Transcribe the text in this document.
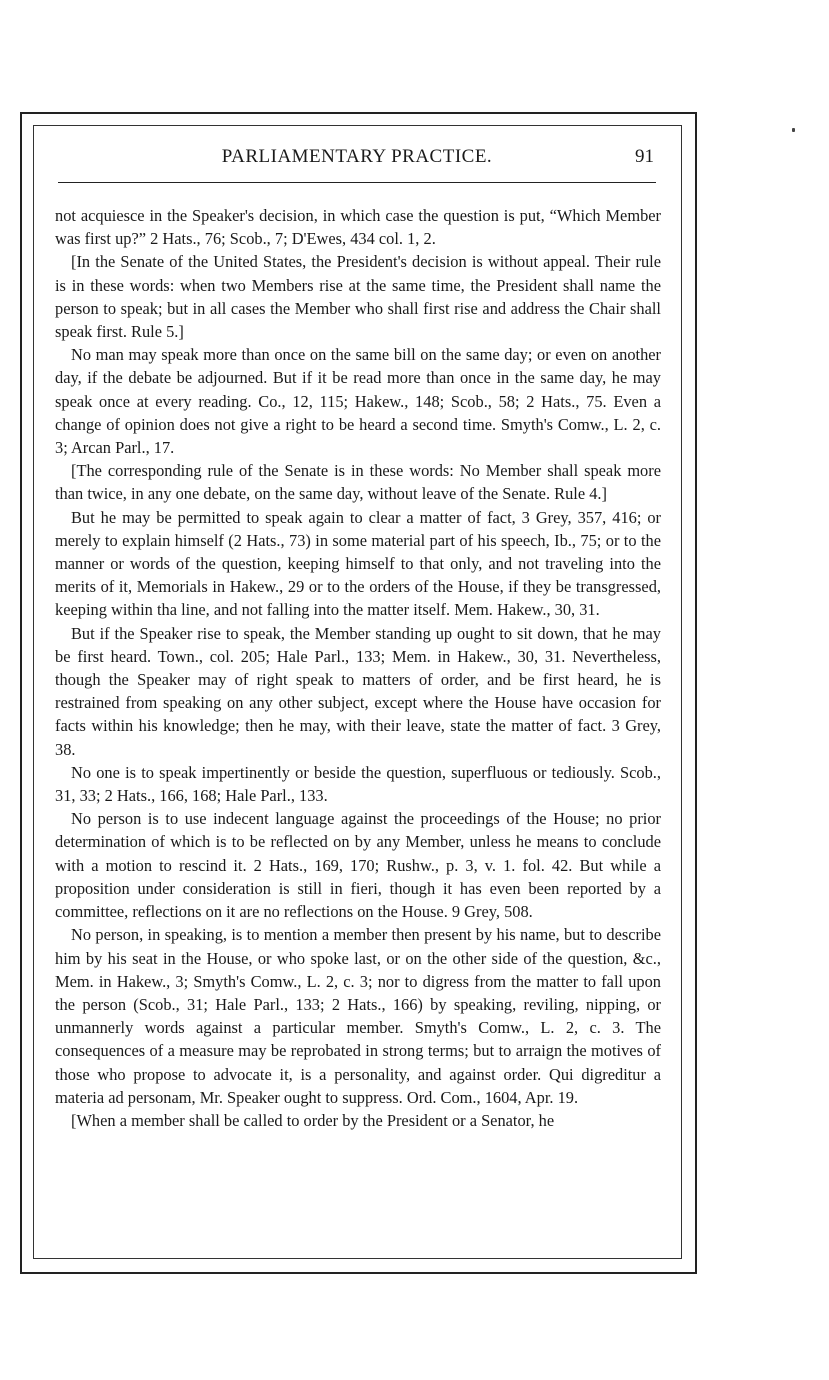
PARLIAMENTARY PRACTICE.	91

not acquiesce in the Speaker's decision, in which case the question is put, “Which Member was first up?” 2 Hats., 76; Scob., 7; D'Ewes, 434 col. 1, 2.

[In the Senate of the United States, the President's decision is without appeal. Their rule is in these words: when two Members rise at the same time, the President shall name the person to speak; but in all cases the Member who shall first rise and address the Chair shall speak first. Rule 5.]

No man may speak more than once on the same bill on the same day; or even on another day, if the debate be adjourned. But if it be read more than once in the same day, he may speak once at every reading. Co., 12, 115; Hakew., 148; Scob., 58; 2 Hats., 75. Even a change of opinion does not give a right to be heard a second time. Smyth's Comw., L. 2, c. 3; Arcan Parl., 17.

[The corresponding rule of the Senate is in these words: No Member shall speak more than twice, in any one debate, on the same day, without leave of the Senate. Rule 4.]

But he may be permitted to speak again to clear a matter of fact, 3 Grey, 357, 416; or merely to explain himself (2 Hats., 73) in some material part of his speech, Ib., 75; or to the manner or words of the question, keeping himself to that only, and not traveling into the merits of it, Memorials in Hakew., 29 or to the orders of the House, if they be transgressed, keeping within tha line, and not falling into the matter itself. Mem. Hakew., 30, 31.

But if the Speaker rise to speak, the Member standing up ought to sit down, that he may be first heard. Town., col. 205; Hale Parl., 133; Mem. in Hakew., 30, 31. Nevertheless, though the Speaker may of right speak to matters of order, and be first heard, he is restrained from speaking on any other subject, except where the House have occasion for facts within his knowledge; then he may, with their leave, state the matter of fact. 3 Grey, 38.

No one is to speak impertinently or beside the question, superfluous or tediously. Scob., 31, 33; 2 Hats., 166, 168; Hale Parl., 133.

No person is to use indecent language against the proceedings of the House; no prior determination of which is to be reflected on by any Member, unless he means to conclude with a motion to rescind it. 2 Hats., 169, 170; Rushw., p. 3, v. 1. fol. 42. But while a proposition under consideration is still in fieri, though it has even been reported by a committee, reflections on it are no reflections on the House. 9 Grey, 508.

No person, in speaking, is to mention a member then present by his name, but to describe him by his seat in the House, or who spoke last, or on the other side of the question, &c., Mem. in Hakew., 3; Smyth's Comw., L. 2, c. 3; nor to digress from the matter to fall upon the person (Scob., 31; Hale Parl., 133; 2 Hats., 166) by speaking, reviling, nipping, or unmannerly words against a particular member. Smyth's Comw., L. 2, c. 3. The consequences of a measure may be reprobated in strong terms; but to arraign the motives of those who propose to advocate it, is a personality, and against order. Qui digreditur a materia ad personam, Mr. Speaker ought to suppress. Ord. Com., 1604, Apr. 19.

[When a member shall be called to order by the President or a Senator, he
